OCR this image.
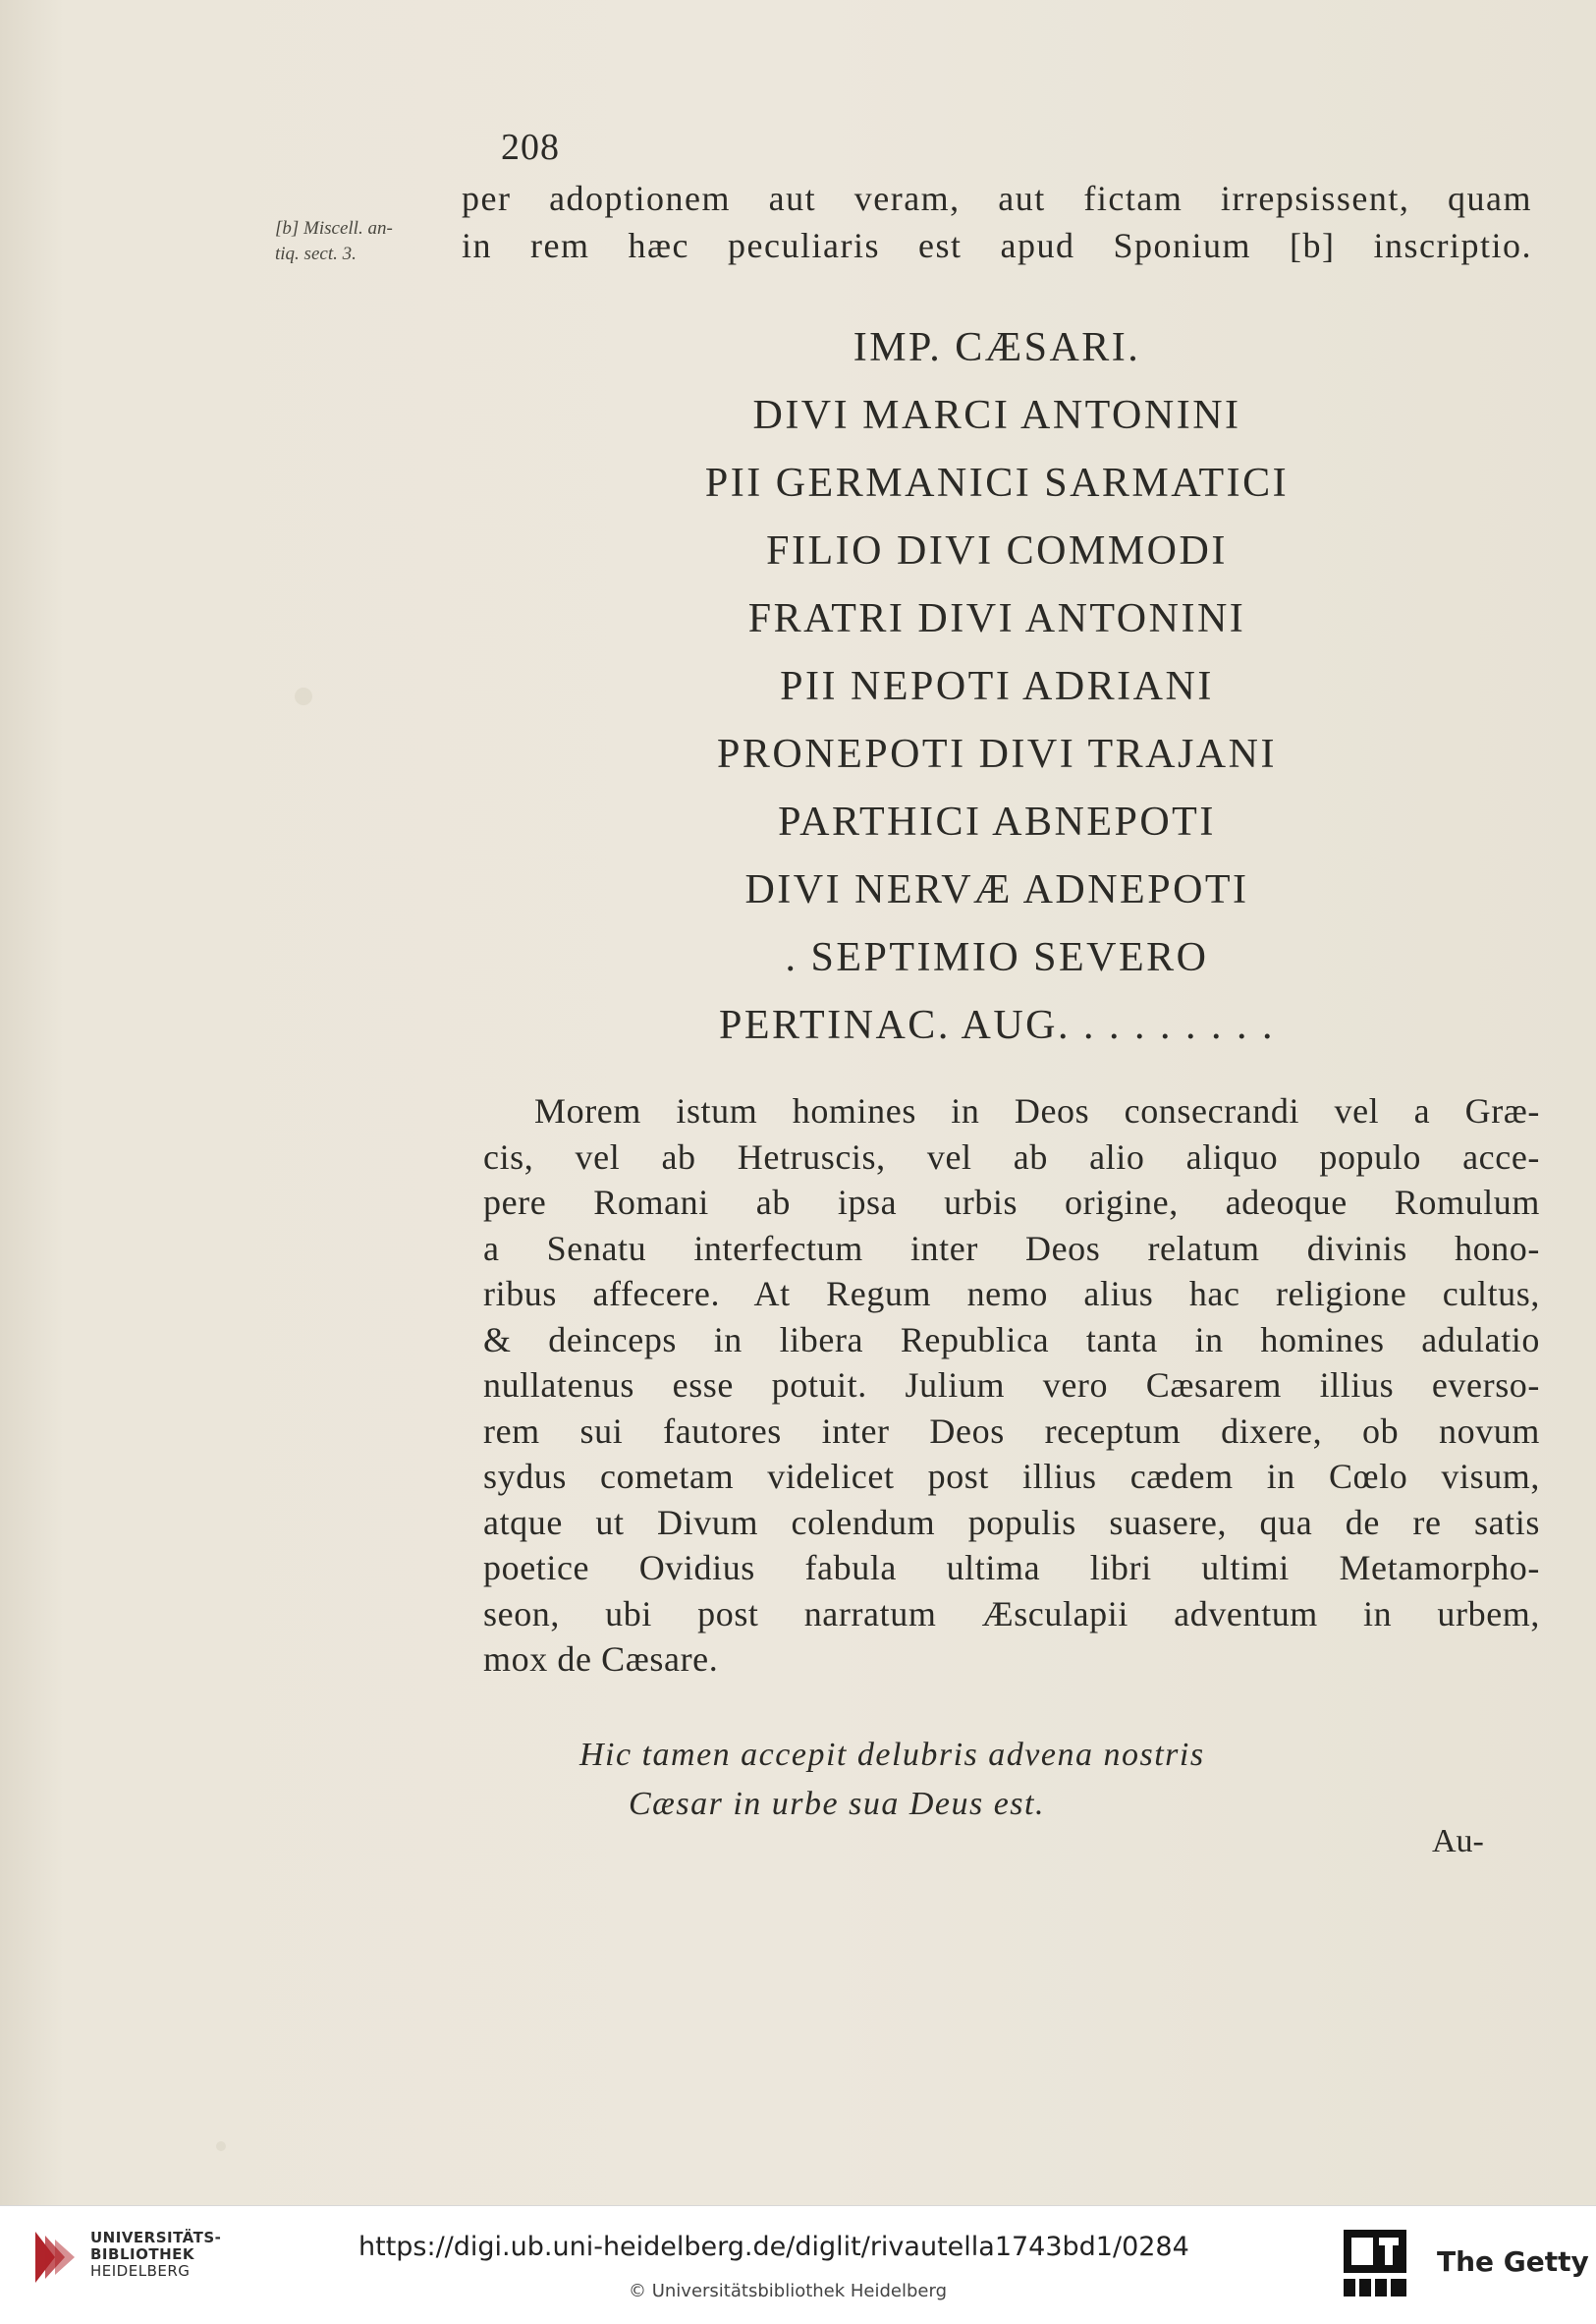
208
[b] Miscell. an-
tiq. sect. 3.
per adoptionem aut veram, aut fictam irrepsissent, quam
in rem hæc peculiaris est apud Sponium [b] inscriptio.
IMP. CÆSARI.
DIVI MARCI ANTONINI
PII GERMANICI SARMATICI
FILIO DIVI COMMODI
FRATRI DIVI ANTONINI
PII NEPOTI ADRIANI
PRONEPOTI DIVI TRAJANI
PARTHICI ABNEPOTI
DIVI NERVÆ ADNEPOTI
. SEPTIMIO SEVERO
PERTINAC. AUG. . . . . . . . .
Morem istum homines in Deos consecrandi vel a Græ-
cis, vel ab Hetruscis, vel ab alio aliquo populo acce-
pere Romani ab ipsa urbis origine, adeoque Romulum
a Senatu interfectum inter Deos relatum divinis hono-
ribus affecere. At Regum nemo alius hac religione cultus,
& deinceps in libera Republica tanta in homines adulatio
nullatenus esse potuit. Julium vero Cæsarem illius everso-
rem sui fautores inter Deos receptum dixere, ob novum
sydus cometam videlicet post illius cædem in Cœlo visum,
atque ut Divum colendum populis suasere, qua de re satis
poetice Ovidius fabula ultima libri ultimi Metamorpho-
seon, ubi post narratum Æsculapii adventum in urbem,
mox de Cæsare.
Hic tamen accepit delubris advena nostris
Cæsar in urbe sua Deus est.
Au-
UNIVERSITÄTS-
BIBLIOTHEK
HEIDELBERG
https://digi.ub.uni-heidelberg.de/diglit/rivautella1743bd1/0284
© Universitätsbibliothek Heidelberg
The Getty
